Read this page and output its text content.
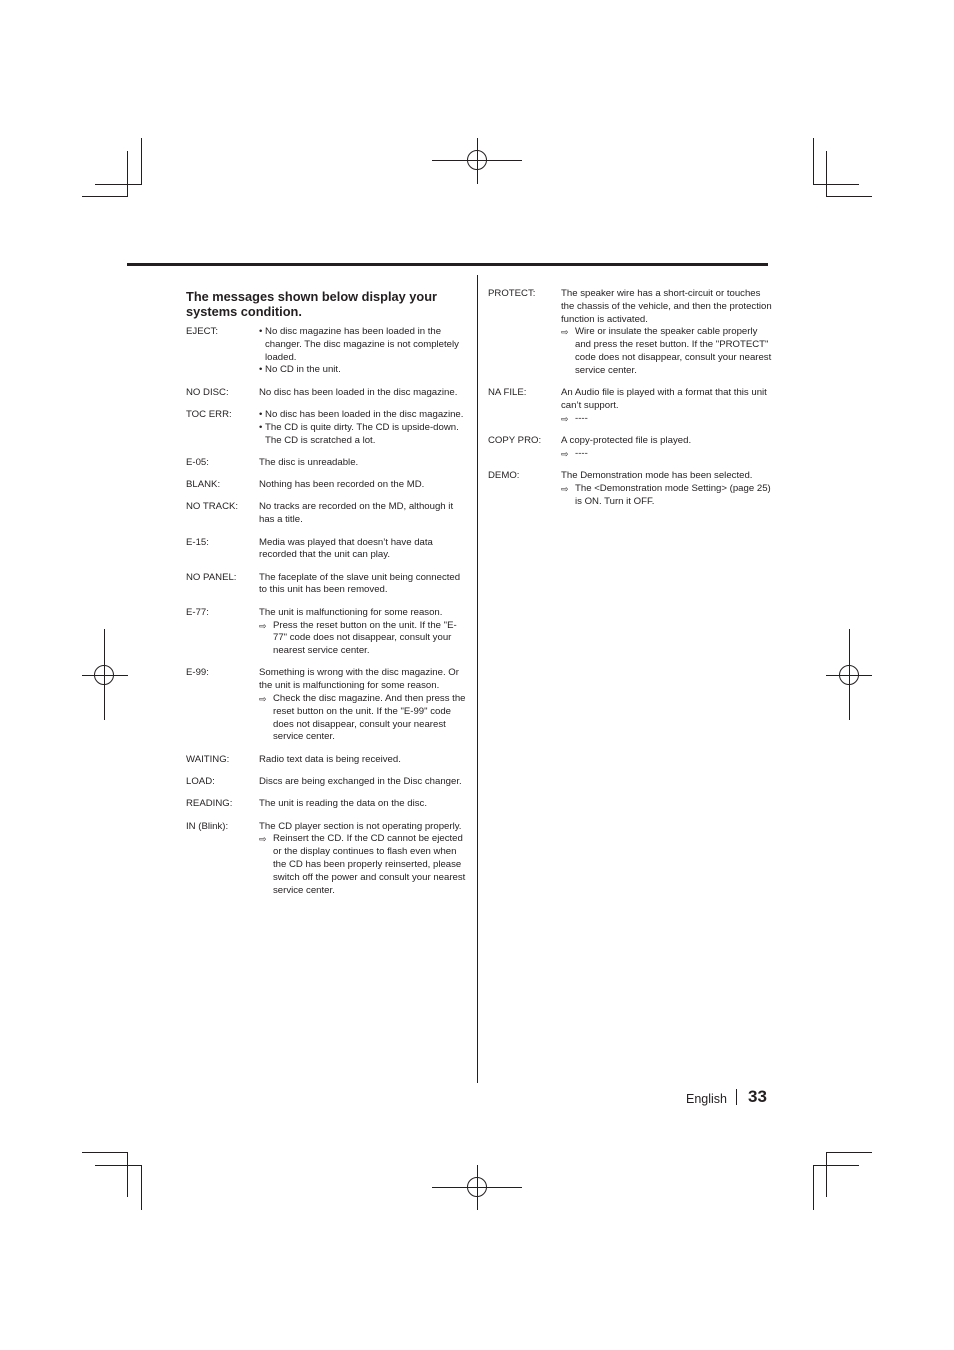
The messages shown below display your systems condition.
EJECT:	• No disc magazine has been loaded in the changer. The disc magazine is not completely loaded.
• No CD in the unit.
NO DISC:	No disc has been loaded in the disc magazine.
TOC ERR:	• No disc has been loaded in the disc magazine.
• The CD is quite dirty. The CD is upside-down. The CD is scratched a lot.
E-05:	The disc is unreadable.
BLANK:	Nothing has been recorded on the MD.
NO TRACK:	No tracks are recorded on the MD, although it has a title.
E-15:	Media was played that doesn’t have data recorded that the unit can play.
NO PANEL:	The faceplate of the slave unit being connected to this unit has been removed.
E-77:	The unit is malfunctioning for some reason.
⇨ Press the reset button on the unit. If the "E-77" code does not disappear, consult your nearest service center.
E-99:	Something is wrong with the disc magazine. Or the unit is malfunctioning for some reason.
⇨ Check the disc magazine. And then press the reset button on the unit. If the "E-99" code does not disappear, consult your nearest service center.
WAITING:	Radio text data is being received.
LOAD:	Discs are being exchanged in the Disc changer.
READING:	The unit is reading the data on the disc.
IN (Blink):	The CD player section is not operating properly.
⇨ Reinsert the CD. If the CD cannot be ejected or the display continues to flash even when the CD has been properly reinserted, please switch off the power and consult your nearest service center.
PROTECT:	The speaker wire has a short-circuit or touches the chassis of the vehicle, and then the protection function is activated.
⇨ Wire or insulate the speaker cable properly and press the reset button. If the "PROTECT" code does not disappear, consult your nearest service center.
NA FILE:	An Audio file is played with a format that this unit can’t support.
⇨ ----
COPY PRO:	A copy-protected file is played.
⇨ ----
DEMO:	The Demonstration mode has been selected.
⇨ The <Demonstration mode Setting> (page 25) is ON. Turn it OFF.
English 33
